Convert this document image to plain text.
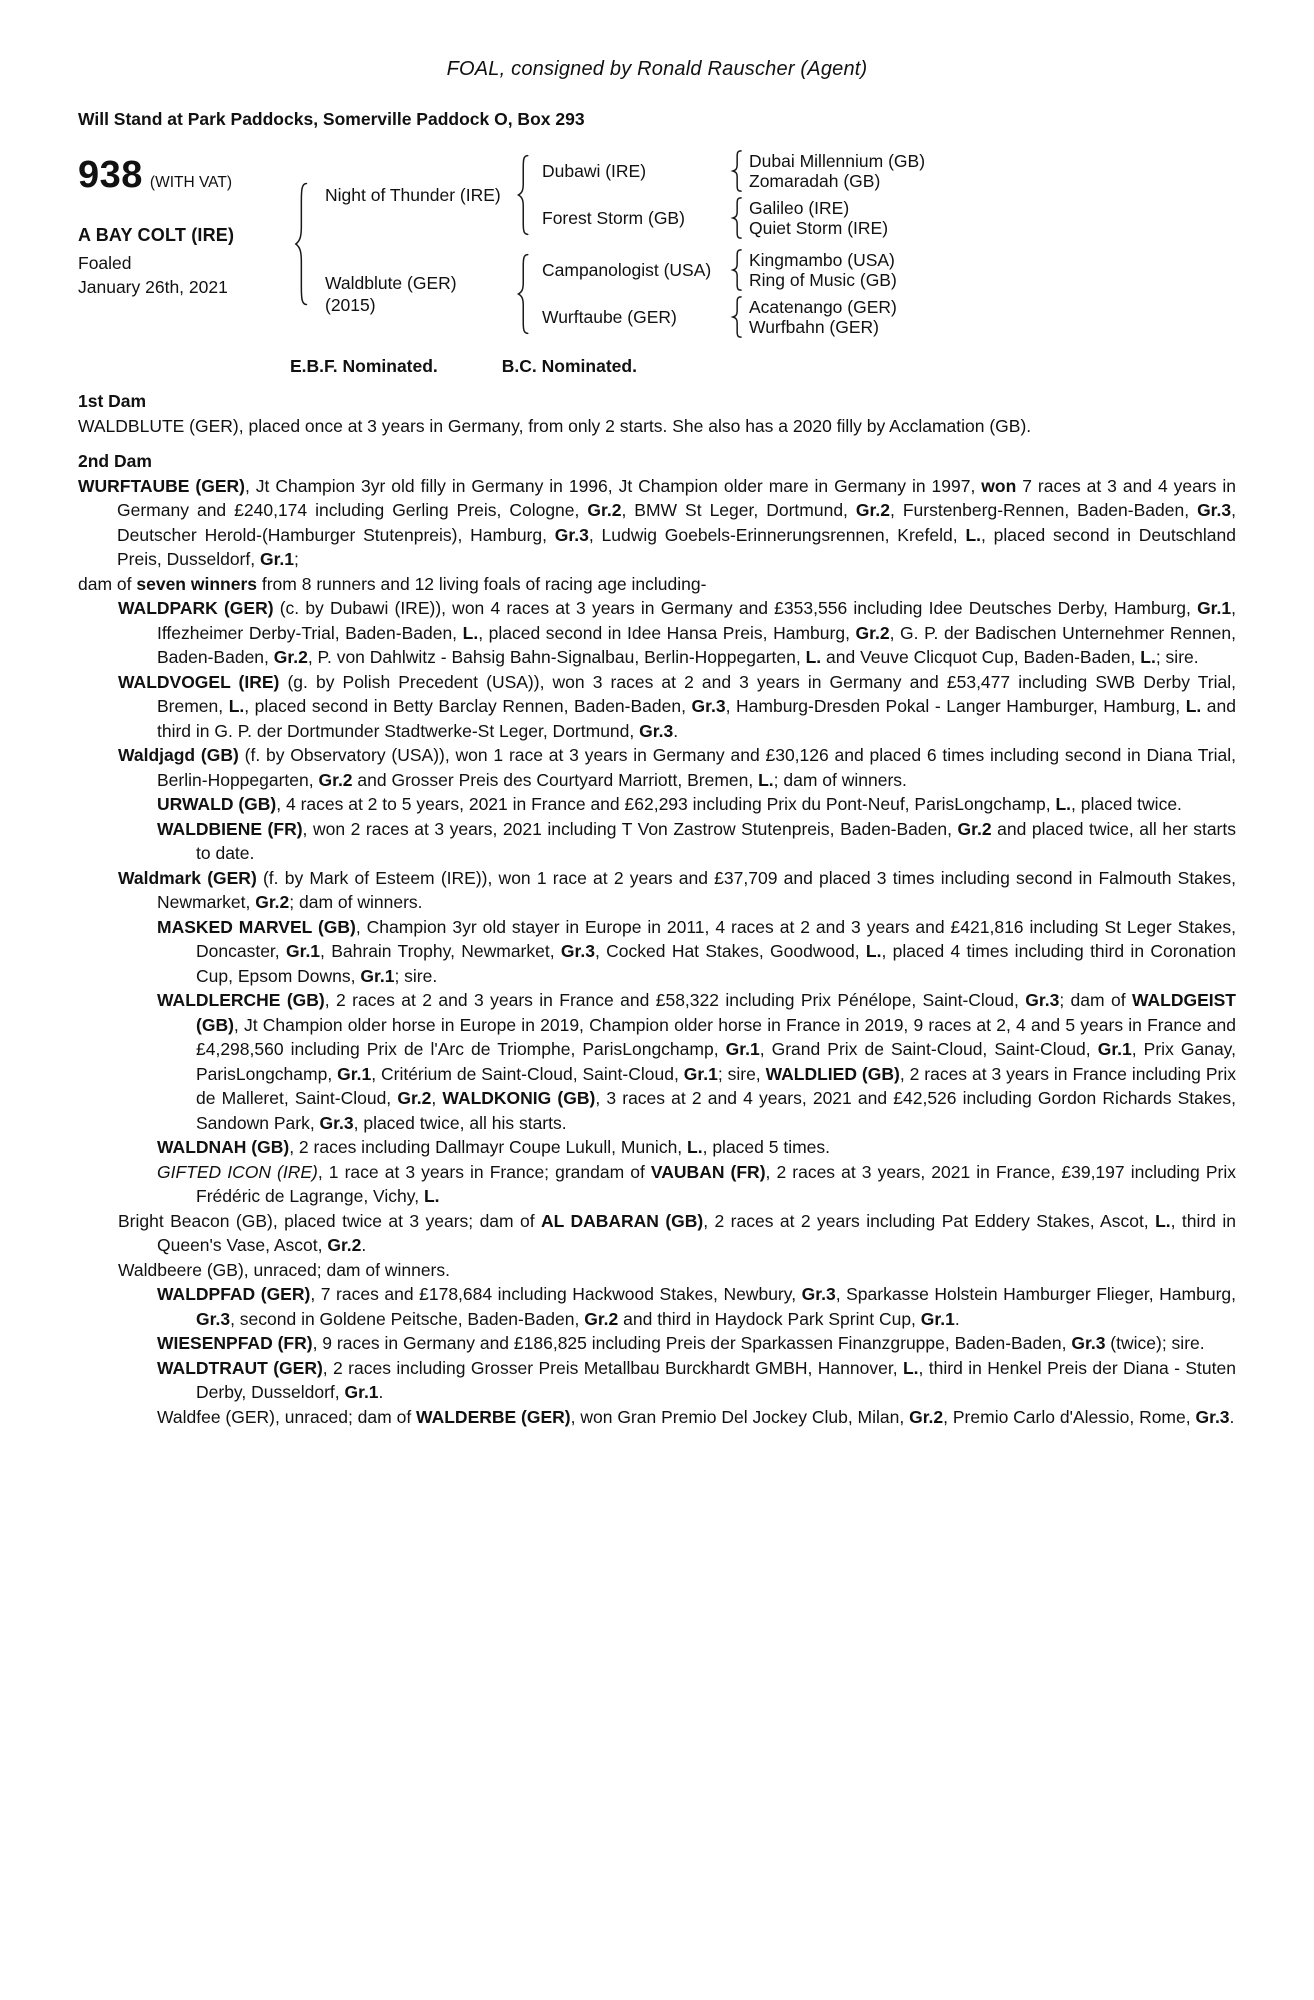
FOAL, consigned by Ronald Rauscher (Agent)
Will Stand at Park Paddocks, Somerville Paddock O, Box 293
938 (WITH VAT)
A BAY COLT (IRE)
Foaled
January 26th, 2021
Night of Thunder (IRE)
Dubawi (IRE)	Dubai Millennium (GB)
Zomaradah (GB)
Forest Storm (GB)	Galileo (IRE)
Quiet Storm (IRE)
Waldblute (GER)
(2015)
Campanologist (USA)	Kingmambo (USA)
Ring of Music (GB)
Wurftaube (GER)	Acatenango (GER)
Wurfbahn (GER)
E.B.F. Nominated.	B.C. Nominated.

1st Dam

WALDBLUTE (GER), placed once at 3 years in Germany, from only 2 starts. She also has a 2020 filly by Acclamation (GB).

2nd Dam

WURFTAUBE (GER), Jt Champion 3yr old filly in Germany in 1996, Jt Champion older mare in Germany in 1997, won 7 races at 3 and 4 years in Germany and £240,174 including Gerling Preis, Cologne, Gr.2, BMW St Leger, Dortmund, Gr.2, Furstenberg-Rennen, Baden-Baden, Gr.3, Deutscher Herold-(Hamburger Stutenpreis), Hamburg, Gr.3, Ludwig Goebels-Erinnerungsrennen, Krefeld, L., placed second in Deutschland Preis, Dusseldorf, Gr.1;

dam of seven winners from 8 runners and 12 living foals of racing age including-

WALDPARK (GER) (c. by Dubawi (IRE)), won 4 races at 3 years in Germany and £353,556 including Idee Deutsches Derby, Hamburg, Gr.1, Iffezheimer Derby-Trial, Baden-Baden, L., placed second in Idee Hansa Preis, Hamburg, Gr.2, G. P. der Badischen Unternehmer Rennen, Baden-Baden, Gr.2, P. von Dahlwitz - Bahsig Bahn-Signalbau, Berlin-Hoppegarten, L. and Veuve Clicquot Cup, Baden-Baden, L.; sire.

WALDVOGEL (IRE) (g. by Polish Precedent (USA)), won 3 races at 2 and 3 years in Germany and £53,477 including SWB Derby Trial, Bremen, L., placed second in Betty Barclay Rennen, Baden-Baden, Gr.3, Hamburg-Dresden Pokal - Langer Hamburger, Hamburg, L. and third in G. P. der Dortmunder Stadtwerke-St Leger, Dortmund, Gr.3.

Waldjagd (GB) (f. by Observatory (USA)), won 1 race at 3 years in Germany and £30,126 and placed 6 times including second in Diana Trial, Berlin-Hoppegarten, Gr.2 and Grosser Preis des Courtyard Marriott, Bremen, L.; dam of winners.

URWALD (GB), 4 races at 2 to 5 years, 2021 in France and £62,293 including Prix du Pont-Neuf, ParisLongchamp, L., placed twice.

WALDBIENE (FR), won 2 races at 3 years, 2021 including T Von Zastrow Stutenpreis, Baden-Baden, Gr.2 and placed twice, all her starts to date.

Waldmark (GER) (f. by Mark of Esteem (IRE)), won 1 race at 2 years and £37,709 and placed 3 times including second in Falmouth Stakes, Newmarket, Gr.2; dam of winners.

MASKED MARVEL (GB), Champion 3yr old stayer in Europe in 2011, 4 races at 2 and 3 years and £421,816 including St Leger Stakes, Doncaster, Gr.1, Bahrain Trophy, Newmarket, Gr.3, Cocked Hat Stakes, Goodwood, L., placed 4 times including third in Coronation Cup, Epsom Downs, Gr.1; sire.

WALDLERCHE (GB), 2 races at 2 and 3 years in France and £58,322 including Prix Pénélope, Saint-Cloud, Gr.3; dam of WALDGEIST (GB), Jt Champion older horse in Europe in 2019, Champion older horse in France in 2019, 9 races at 2, 4 and 5 years in France and £4,298,560 including Prix de l'Arc de Triomphe, ParisLongchamp, Gr.1, Grand Prix de Saint-Cloud, Saint-Cloud, Gr.1, Prix Ganay, ParisLongchamp, Gr.1, Critérium de Saint-Cloud, Saint-Cloud, Gr.1; sire, WALDLIED (GB), 2 races at 3 years in France including Prix de Malleret, Saint-Cloud, Gr.2, WALDKONIG (GB), 3 races at 2 and 4 years, 2021 and £42,526 including Gordon Richards Stakes, Sandown Park, Gr.3, placed twice, all his starts.

WALDNAH (GB), 2 races including Dallmayr Coupe Lukull, Munich, L., placed 5 times.

GIFTED ICON (IRE), 1 race at 3 years in France; grandam of VAUBAN (FR), 2 races at 3 years, 2021 in France, £39,197 including Prix Frédéric de Lagrange, Vichy, L.

Bright Beacon (GB), placed twice at 3 years; dam of AL DABARAN (GB), 2 races at 2 years including Pat Eddery Stakes, Ascot, L., third in Queen's Vase, Ascot, Gr.2.

Waldbeere (GB), unraced; dam of winners.

WALDPFAD (GER), 7 races and £178,684 including Hackwood Stakes, Newbury, Gr.3, Sparkasse Holstein Hamburger Flieger, Hamburg, Gr.3, second in Goldene Peitsche, Baden-Baden, Gr.2 and third in Haydock Park Sprint Cup, Gr.1.

WIESENPFAD (FR), 9 races in Germany and £186,825 including Preis der Sparkassen Finanzgruppe, Baden-Baden, Gr.3 (twice); sire.

WALDTRAUT (GER), 2 races including Grosser Preis Metallbau Burckhardt GMBH, Hannover, L., third in Henkel Preis der Diana - Stuten Derby, Dusseldorf, Gr.1.

Waldfee (GER), unraced; dam of WALDERBE (GER), won Gran Premio Del Jockey Club, Milan, Gr.2, Premio Carlo d'Alessio, Rome, Gr.3.
